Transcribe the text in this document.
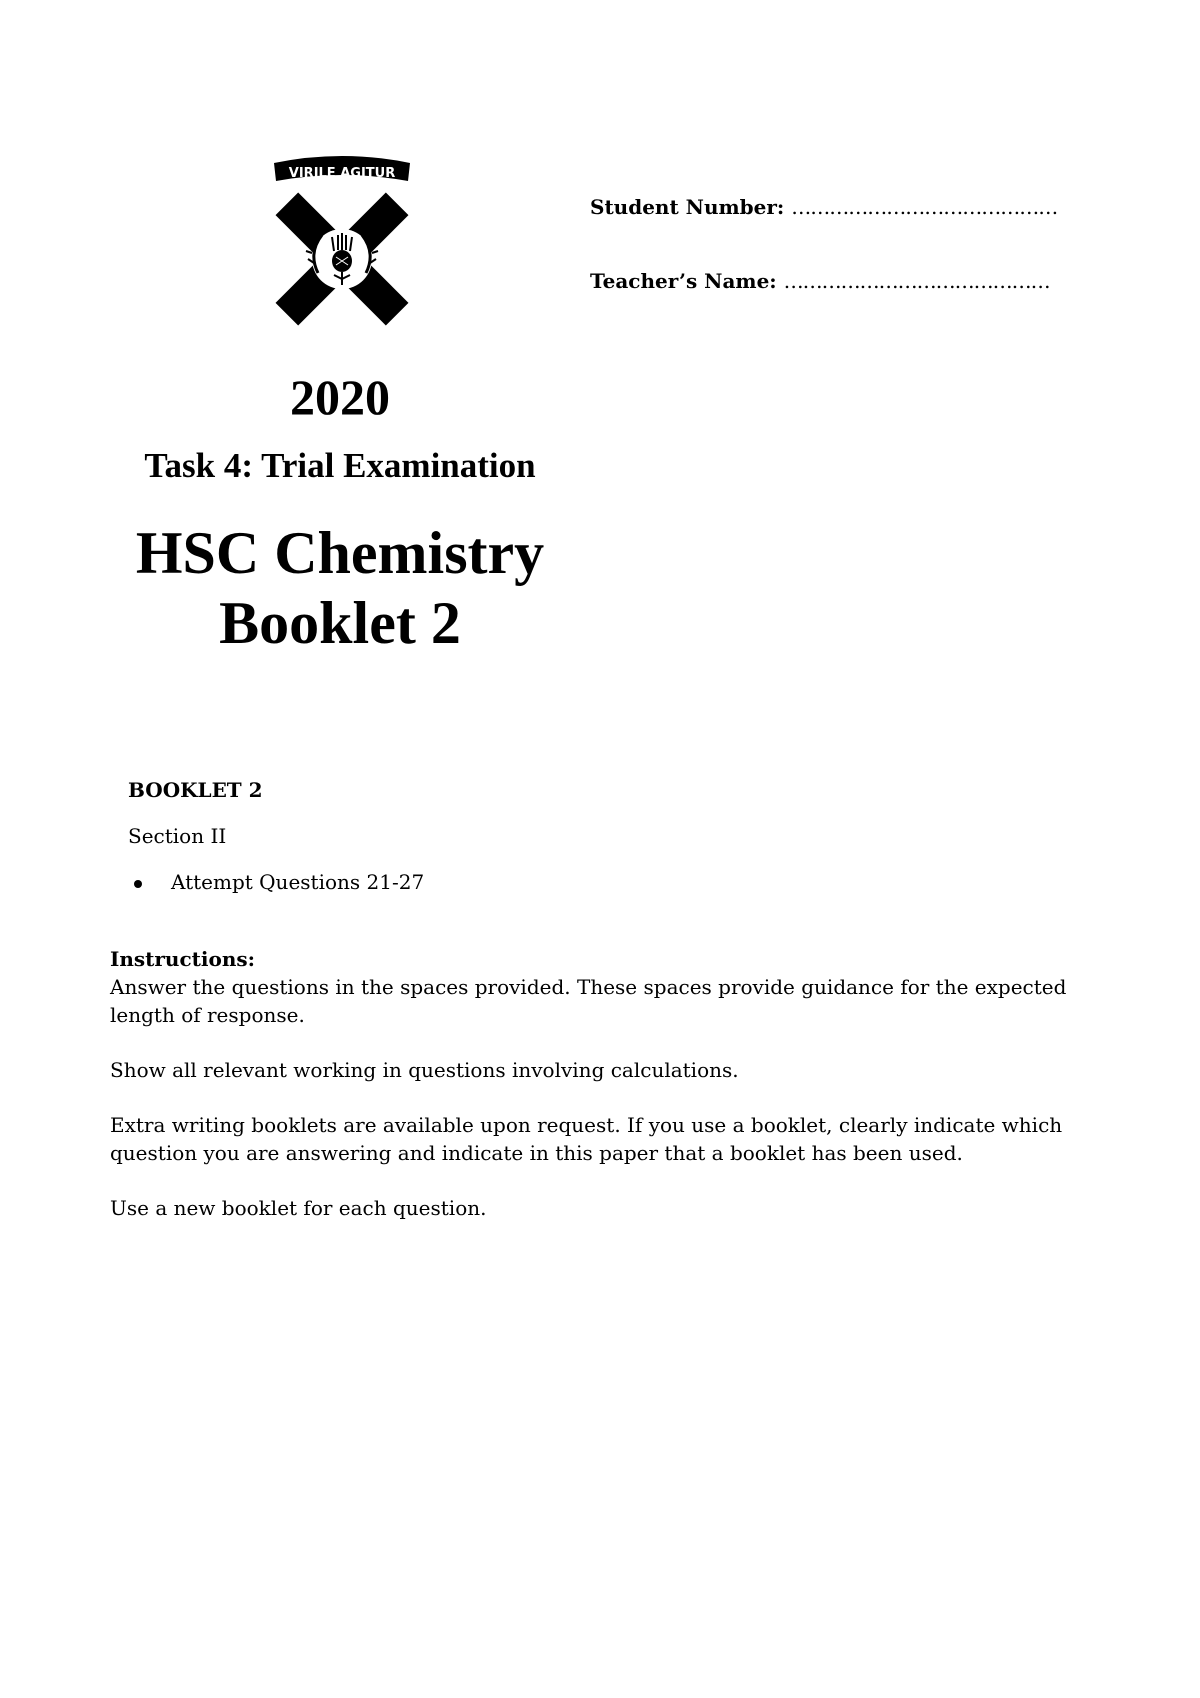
VIRILE AGITUR
Student Number: ……………………………………
Teacher’s Name: ……………………………………
2020
Task 4: Trial Examination
HSC Chemistry
Booklet 2
BOOKLET 2
Section II
Attempt Questions 21-27
Instructions:

Answer the questions in the spaces provided. These spaces provide guidance for the expected length of response.

Show all relevant working in questions involving calculations.

Extra writing booklets are available upon request. If you use a booklet, clearly indicate which question you are answering and indicate in this paper that a booklet has been used.

Use a new booklet for each question.
